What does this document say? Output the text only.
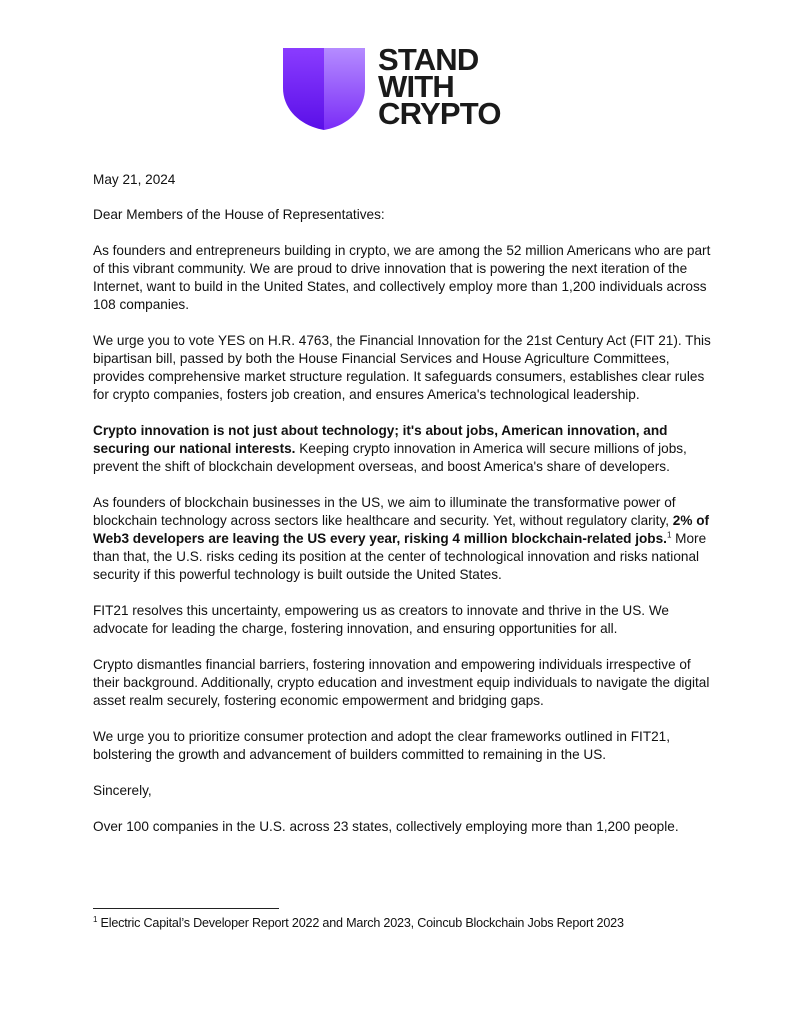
STAND
WITH
CRYPTO

May 21, 2024

Dear Members of the House of Representatives:

As founders and entrepreneurs building in crypto, we are among the 52 million Americans who are part of this vibrant community. We are proud to drive innovation that is powering the next iteration of the Internet, want to build in the United States, and collectively employ more than 1,200 individuals across 108 companies.

We urge you to vote YES on H.R. 4763, the Financial Innovation for the 21st Century Act (FIT 21). This bipartisan bill, passed by both the House Financial Services and House Agriculture Committees, provides comprehensive market structure regulation. It safeguards consumers, establishes clear rules for crypto companies, fosters job creation, and ensures America's technological leadership.

Crypto innovation is not just about technology; it's about jobs, American innovation, and securing our national interests. Keeping crypto innovation in America will secure millions of jobs, prevent the shift of blockchain development overseas, and boost America's share of developers.

As founders of blockchain businesses in the US, we aim to illuminate the transformative power of blockchain technology across sectors like healthcare and security. Yet, without regulatory clarity, 2% of Web3 developers are leaving the US every year, risking 4 million blockchain-related jobs.$^1$ More than that, the U.S. risks ceding its position at the center of technological innovation and risks national security if this powerful technology is built outside the United States.

FIT21 resolves this uncertainty, empowering us as creators to innovate and thrive in the US. We advocate for leading the charge, fostering innovation, and ensuring opportunities for all.

Crypto dismantles financial barriers, fostering innovation and empowering individuals irrespective of their background. Additionally, crypto education and investment equip individuals to navigate the digital asset realm securely, fostering economic empowerment and bridging gaps.

We urge you to prioritize consumer protection and adopt the clear frameworks outlined in FIT21, bolstering the growth and advancement of builders committed to remaining in the US.

Sincerely,

Over 100 companies in the U.S. across 23 states, collectively employing more than 1,200 people.

$^1$ Electric Capital’s Developer Report 2022 and March 2023, Coincub Blockchain Jobs Report 2023
